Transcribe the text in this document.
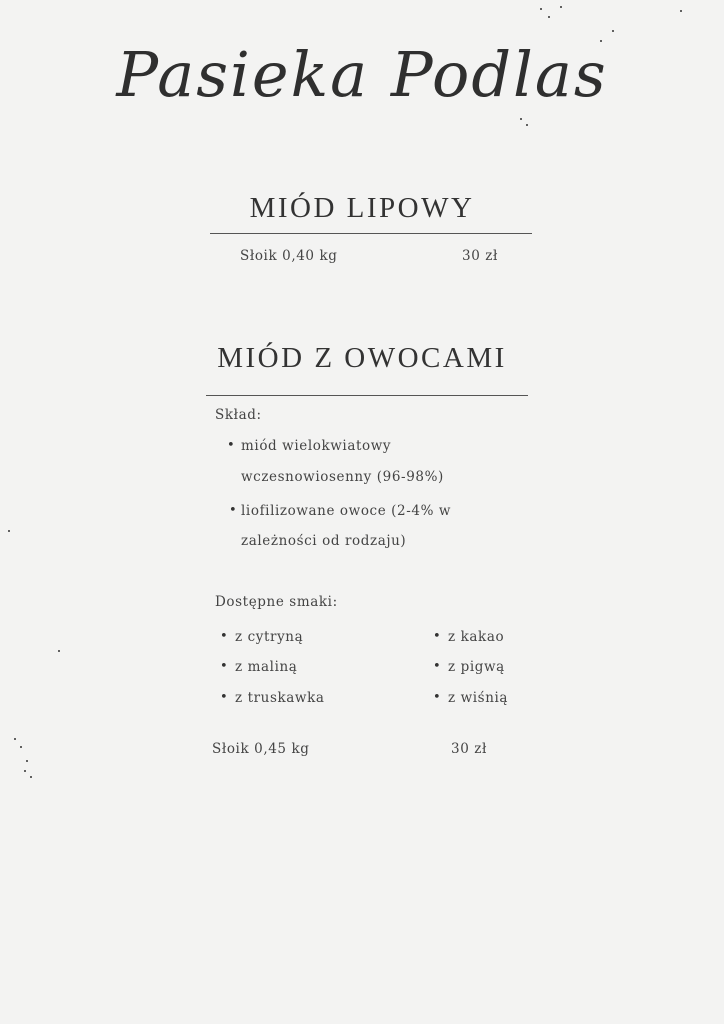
Pasieka Podlas
MIÓD LIPOWY
Słoik 0,40 kg	30 zł
MIÓD Z OWOCAMI
Skład:
• miód wielokwiatowy
wczesnowiosenny (96-98%)
• liofilizowane owoce (2-4% w
zależności od rodzaju)
Dostępne smaki:
• z cytryną
• z maliną
• z truskawka
• z kakao
• z pigwą
• z wiśnią
Słoik 0,45 kg	30 zł
